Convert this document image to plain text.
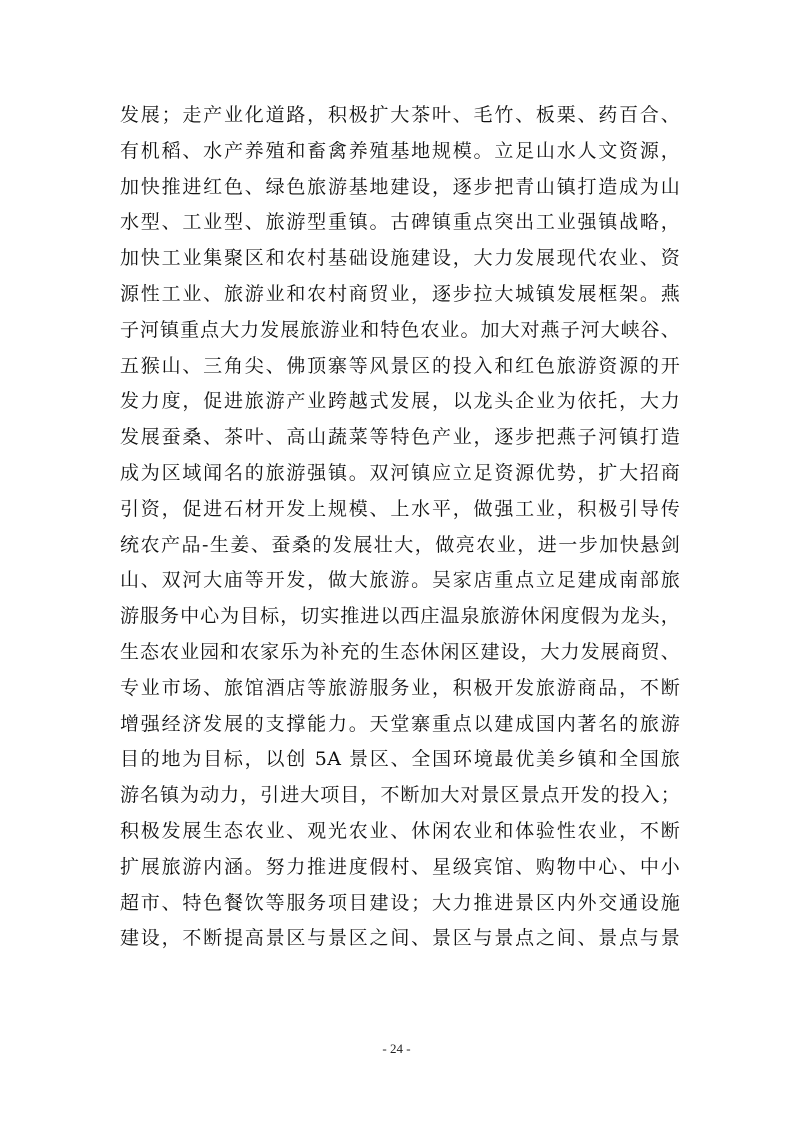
发展；走产业化道路，积极扩大茶叶、毛竹、板栗、药百合、
有机稻、水产养殖和畜禽养殖基地规模。立足山水人文资源，
加快推进红色、绿色旅游基地建设，逐步把青山镇打造成为山
水型、工业型、旅游型重镇。古碑镇重点突出工业强镇战略，
加快工业集聚区和农村基础设施建设，大力发展现代农业、资
源性工业、旅游业和农村商贸业，逐步拉大城镇发展框架。燕
子河镇重点大力发展旅游业和特色农业。加大对燕子河大峡谷、
五猴山、三角尖、佛顶寨等风景区的投入和红色旅游资源的开
发力度，促进旅游产业跨越式发展，以龙头企业为依托，大力
发展蚕桑、茶叶、高山蔬菜等特色产业，逐步把燕子河镇打造
成为区域闻名的旅游强镇。双河镇应立足资源优势，扩大招商
引资，促进石材开发上规模、上水平，做强工业，积极引导传
统农产品-生姜、蚕桑的发展壮大，做亮农业，进一步加快悬剑
山、双河大庙等开发，做大旅游。吴家店重点立足建成南部旅
游服务中心为目标，切实推进以西庄温泉旅游休闲度假为龙头，
生态农业园和农家乐为补充的生态休闲区建设，大力发展商贸、
专业市场、旅馆酒店等旅游服务业，积极开发旅游商品，不断
增强经济发展的支撑能力。天堂寨重点以建成国内著名的旅游
目的地为目标，以创 5A 景区、全国环境最优美乡镇和全国旅
游名镇为动力，引进大项目，不断加大对景区景点开发的投入；
积极发展生态农业、观光农业、休闲农业和体验性农业，不断
扩展旅游内涵。努力推进度假村、星级宾馆、购物中心、中小
超市、特色餐饮等服务项目建设；大力推进景区内外交通设施
建设，不断提高景区与景区之间、景区与景点之间、景点与景
- 24 -
